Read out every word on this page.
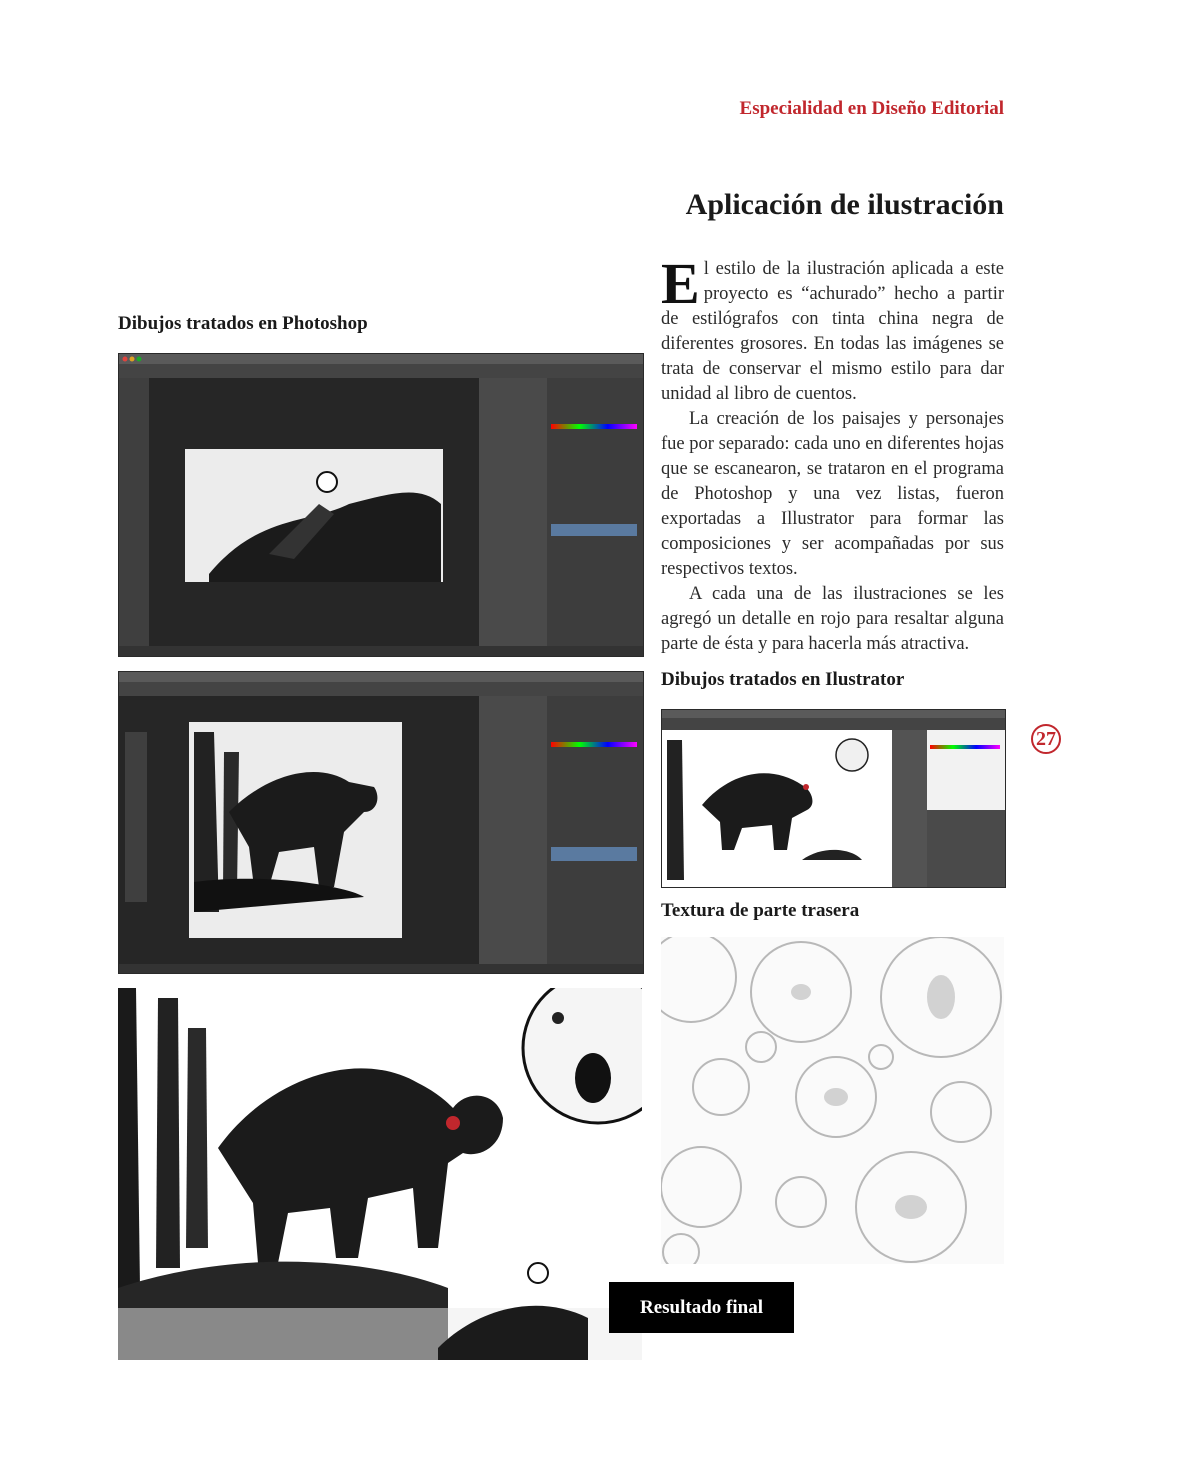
Especialidad en Diseño Editorial
Aplicación de ilustración
El estilo de la ilustración aplicada a este proyecto es “achurado” hecho a partir de estilógrafos con tinta china negra de diferentes grosores. En todas las imágenes se trata de conservar el mismo estilo para dar unidad al libro de cuentos.
La creación de los paisajes y personajes fue por separado: cada uno en diferentes hojas que se escanearon, se trataron en el programa de Photoshop y una vez listas, fueron exportadas a Illustrator para formar las composiciones y ser acompañadas por sus respectivos textos.
A cada una de las ilustraciones se les agregó un detalle en rojo para resaltar alguna parte de ésta y para hacerla más atractiva.
Dibujos tratados en Photoshop
Dibujos tratados en Ilustrator
Textura de parte trasera
Resultado final
27
